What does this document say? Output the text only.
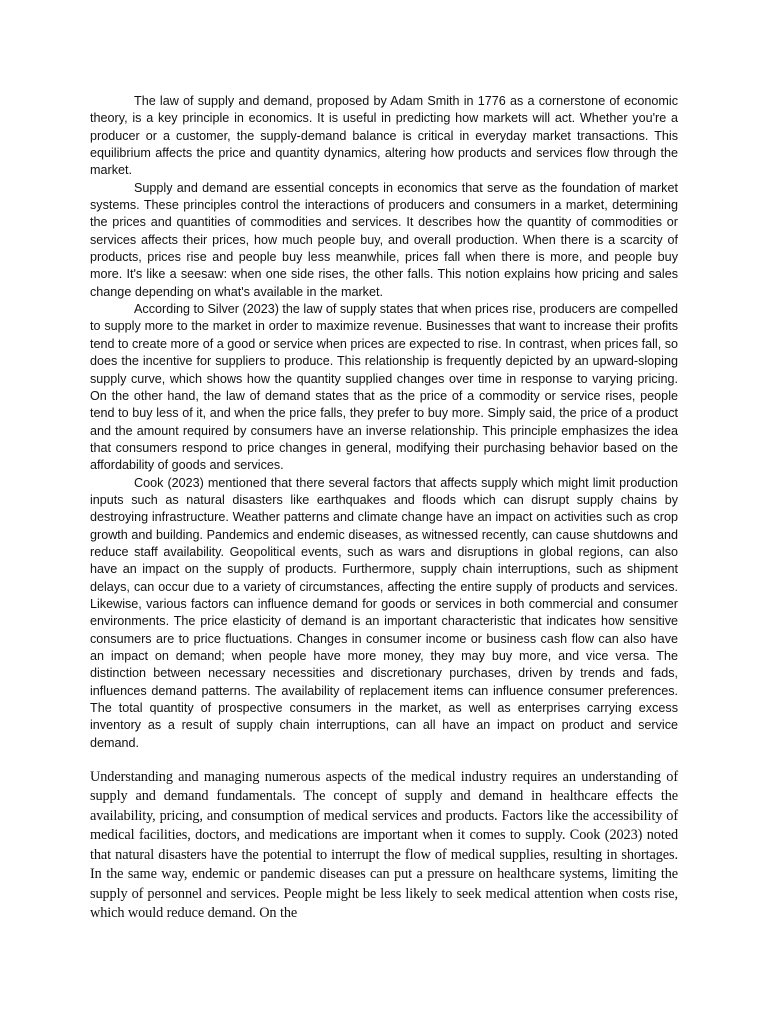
The law of supply and demand, proposed by Adam Smith in 1776 as a cornerstone of economic theory, is a key principle in economics. It is useful in predicting how markets will act. Whether you're a producer or a customer, the supply-demand balance is critical in everyday market transactions. This equilibrium affects the price and quantity dynamics, altering how products and services flow through the market.

Supply and demand are essential concepts in economics that serve as the foundation of market systems. These principles control the interactions of producers and consumers in a market, determining the prices and quantities of commodities and services. It describes how the quantity of commodities or services affects their prices, how much people buy, and overall production. When there is a scarcity of products, prices rise and people buy less meanwhile, prices fall when there is more, and people buy more. It's like a seesaw: when one side rises, the other falls. This notion explains how pricing and sales change depending on what's available in the market.

According to Silver (2023) the law of supply states that when prices rise, producers are compelled to supply more to the market in order to maximize revenue. Businesses that want to increase their profits tend to create more of a good or service when prices are expected to rise. In contrast, when prices fall, so does the incentive for suppliers to produce. This relationship is frequently depicted by an upward-sloping supply curve, which shows how the quantity supplied changes over time in response to varying pricing. On the other hand, the law of demand states that as the price of a commodity or service rises, people tend to buy less of it, and when the price falls, they prefer to buy more. Simply said, the price of a product and the amount required by consumers have an inverse relationship. This principle emphasizes the idea that consumers respond to price changes in general, modifying their purchasing behavior based on the affordability of goods and services.

Cook (2023) mentioned that there several factors that affects supply which might limit production inputs such as natural disasters like earthquakes and floods which can disrupt supply chains by destroying infrastructure. Weather patterns and climate change have an impact on activities such as crop growth and building. Pandemics and endemic diseases, as witnessed recently, can cause shutdowns and reduce staff availability. Geopolitical events, such as wars and disruptions in global regions, can also have an impact on the supply of products. Furthermore, supply chain interruptions, such as shipment delays, can occur due to a variety of circumstances, affecting the entire supply of products and services. Likewise, various factors can influence demand for goods or services in both commercial and consumer environments. The price elasticity of demand is an important characteristic that indicates how sensitive consumers are to price fluctuations. Changes in consumer income or business cash flow can also have an impact on demand; when people have more money, they may buy more, and vice versa. The distinction between necessary necessities and discretionary purchases, driven by trends and fads, influences demand patterns. The availability of replacement items can influence consumer preferences. The total quantity of prospective consumers in the market, as well as enterprises carrying excess inventory as a result of supply chain interruptions, can all have an impact on product and service demand.

Understanding and managing numerous aspects of the medical industry requires an understanding of supply and demand fundamentals. The concept of supply and demand in healthcare effects the availability, pricing, and consumption of medical services and products. Factors like the accessibility of medical facilities, doctors, and medications are important when it comes to supply. Cook (2023) noted that natural disasters have the potential to interrupt the flow of medical supplies, resulting in shortages. In the same way, endemic or pandemic diseases can put a pressure on healthcare systems, limiting the supply of personnel and services. People might be less likely to seek medical attention when costs rise, which would reduce demand. On the
